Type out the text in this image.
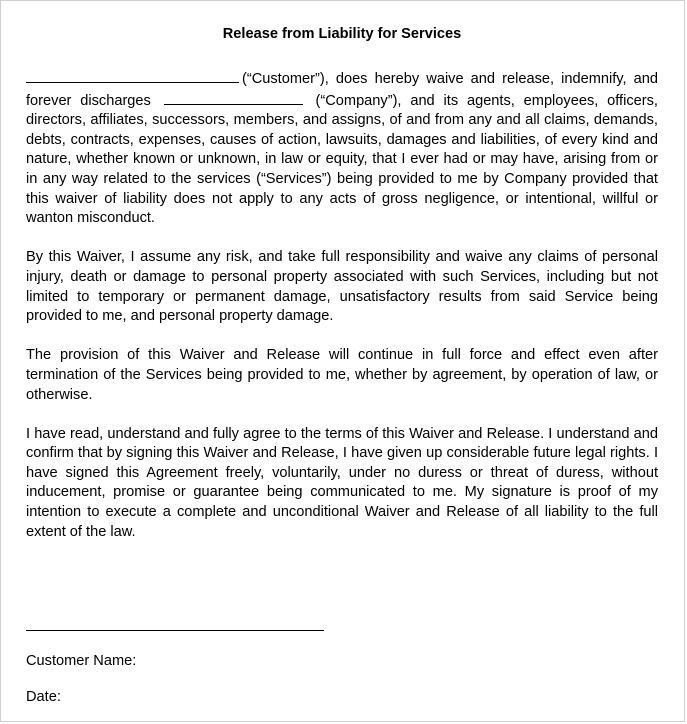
Release from Liability for Services
(“Customer”), does hereby waive and release, indemnify, and forever discharges	(“Company”), and its agents, employees, officers, directors, affiliates, successors, members, and assigns, of and from any and all claims, demands, debts, contracts, expenses, causes of action, lawsuits, damages and liabilities, of every kind and nature, whether known or unknown, in law or equity, that I ever had or may have, arising from or in any way related to the services (“Services”) being provided to me by Company provided that this waiver of liability does not apply to any acts of gross negligence, or intentional, willful or wanton misconduct.
By this Waiver, I assume any risk, and take full responsibility and waive any claims of personal injury, death or damage to personal property associated with such Services, including but not limited to temporary or permanent damage, unsatisfactory results from said Service being provided to me, and personal property damage.
The provision of this Waiver and Release will continue in full force and effect even after termination of the Services being provided to me, whether by agreement, by operation of law, or otherwise.
I have read, understand and fully agree to the terms of this Waiver and Release. I understand and confirm that by signing this Waiver and Release, I have given up considerable future legal rights. I have signed this Agreement freely, voluntarily, under no duress or threat of duress, without inducement, promise or guarantee being communicated to me. My signature is proof of my intention to execute a complete and unconditional Waiver and Release of all liability to the full extent of the law.
Customer Name:
Date:
